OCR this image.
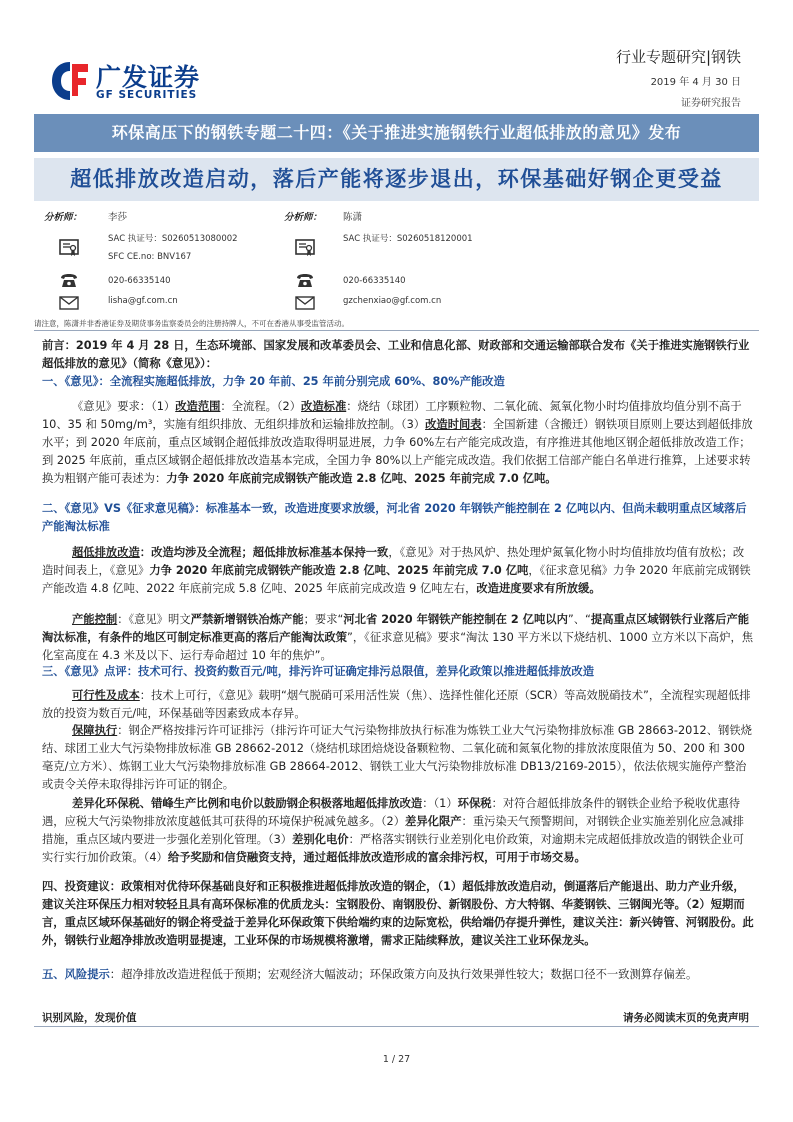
广发证券
GF SECURITIES
行业专题研究|钢铁
2019 年 4 月 30 日
证券研究报告
环保高压下的钢铁专题二十四：《关于推进实施钢铁行业超低排放的意见》发布
超低排放改造启动，落后产能将逐步退出，环保基础好钢企更受益
分析师：	李莎
SAC 执证号：S0260513080002
SFC CE.no: BNV167
020-66335140
lisha@gf.com.cn
分析师： 陈潇
SAC 执证号：S0260518120001
020-66335140
gzchenxiao@gf.com.cn
请注意，陈潇并非香港证券及期货事务监察委员会的注册持牌人，不可在香港从事受监管活动。

前言：2019 年 4 月 28 日，生态环境部、国家发展和改革委员会、工业和信息化部、财政部和交通运输部联合发布《关于推进实施钢铁行业超低排放的意见》（简称《意见》）：

一、《意见》：全流程实施超低排放，力争 20 年前、25 年前分别完成 60%、80%产能改造

《意见》要求：（1）改造范围：全流程。（2）改造标准：烧结（球团）工序颗粒物、二氧化硫、氮氧化物小时均值排放均值分别不高于 10、35 和 50mg/m³，实施有组织排放、无组织排放和运输排放控制。（3）改造时间表：全国新建（含搬迁）钢铁项目原则上要达到超低排放水平；到 2020 年底前，重点区域钢企超低排放改造取得明显进展，力争 60%左右产能完成改造，有序推进其他地区钢企超低排放改造工作；到 2025 年底前，重点区域钢企超低排放改造基本完成，全国力争 80%以上产能完成改造。我们依据工信部产能白名单进行推算，上述要求转换为粗钢产能可表述为：力争 2020 年底前完成钢铁产能改造 2.8 亿吨、2025 年前完成 7.0 亿吨。

二、《意见》VS《征求意见稿》：标准基本一致，改造进度要求放缓，河北省 2020 年钢铁产能控制在 2 亿吨以内、但尚未载明重点区域落后产能淘汰标准

超低排放改造：改造均涉及全流程；超低排放标准基本保持一致，《意见》对于热风炉、热处理炉氮氧化物小时均值排放均值有放松；改造时间表上，《意见》力争 2020 年底前完成钢铁产能改造 2.8 亿吨、2025 年前完成 7.0 亿吨，《征求意见稿》力争 2020 年底前完成钢铁产能改造 4.8 亿吨、2022 年底前完成 5.8 亿吨、2025 年底前完成改造 9 亿吨左右，改造进度要求有所放缓。

产能控制：《意见》明文严禁新增钢铁冶炼产能；要求“河北省 2020 年钢铁产能控制在 2 亿吨以内”、“提高重点区域钢铁行业落后产能淘汰标准，有条件的地区可制定标准更高的落后产能淘汰政策”，《征求意见稿》要求“淘汰 130 平方米以下烧结机、1000 立方米以下高炉，焦化室高度在 4.3 米及以下、运行寿命超过 10 年的焦炉”。

三、《意见》点评：技术可行、投资約数百元/吨，排污许可证确定排污总限值，差异化政策以推进超低排放改造

可行性及成本：技术上可行，《意见》载明“烟气脱硝可采用活性炭（焦）、选择性催化还原（SCR）等高效脱硝技术”，全流程实现超低排放的投资为数百元/吨，环保基础等因素致成本存异。

保障执行：钢企严格按排污许可证排污（排污许可证大气污染物排放执行标准为炼铁工业大气污染物排放标准 GB 28663-2012、钢铁烧结、球团工业大气污染物排放标准 GB 28662-2012（烧结机球团焙烧设备颗粒物、二氧化硫和氮氧化物的排放浓度限值为 50、200 和 300 毫克/立方米）、炼钢工业大气污染物排放标准 GB 28664-2012、钢铁工业大气污染物排放标准 DB13/2169-2015），依法依规实施停产整治或责令关停未取得排污许可证的钢企。

差异化环保税、错峰生产比例和电价以鼓励钢企积极落地超低排放改造：（1）环保税：对符合超低排放条件的钢铁企业给予税收优惠待遇，应税大气污染物排放浓度越低其可获得的环境保护税减免越多。（2）差异化限产：重污染天气预警期间，对钢铁企业实施差别化应急减排措施，重点区域内要进一步强化差别化管理。（3）差别化电价：严格落实钢铁行业差别化电价政策，对逾期未完成超低排放改造的钢铁企业可实行实行加价政策。（4）给予奖励和信贷融资支持，通过超低排放改造形成的富余排污权，可用于市场交易。

四、投资建议：政策相对优待环保基础良好和正积极推进超低排放改造的钢企，（1）超低排放改造启动，倒逼落后产能退出、助力产业升级，建议关注环保压力相对较轻且具有高环保标准的优质龙头：宝钢股份、南钢股份、新钢股份、方大特钢、华菱钢铁、三钢闽光等。（2）短期而言，重点区域环保基础好的钢企将受益于差异化环保政策下供给端约束的边际宽松，供给端仍存提升弹性，建议关注：新兴铸管、河钢股份。此外，钢铁行业超净排放改造明显提速，工业环保的市场规模将激增，需求正陆续释放，建议关注工业环保龙头。

五、风险提示：超净排放改造进程低于预期；宏观经济大幅波动；环保政策方向及执行效果弹性较大；数据口径不一致测算存偏差。

识别风险，发现价值	请务必阅读末页的免责声明
1 / 27
